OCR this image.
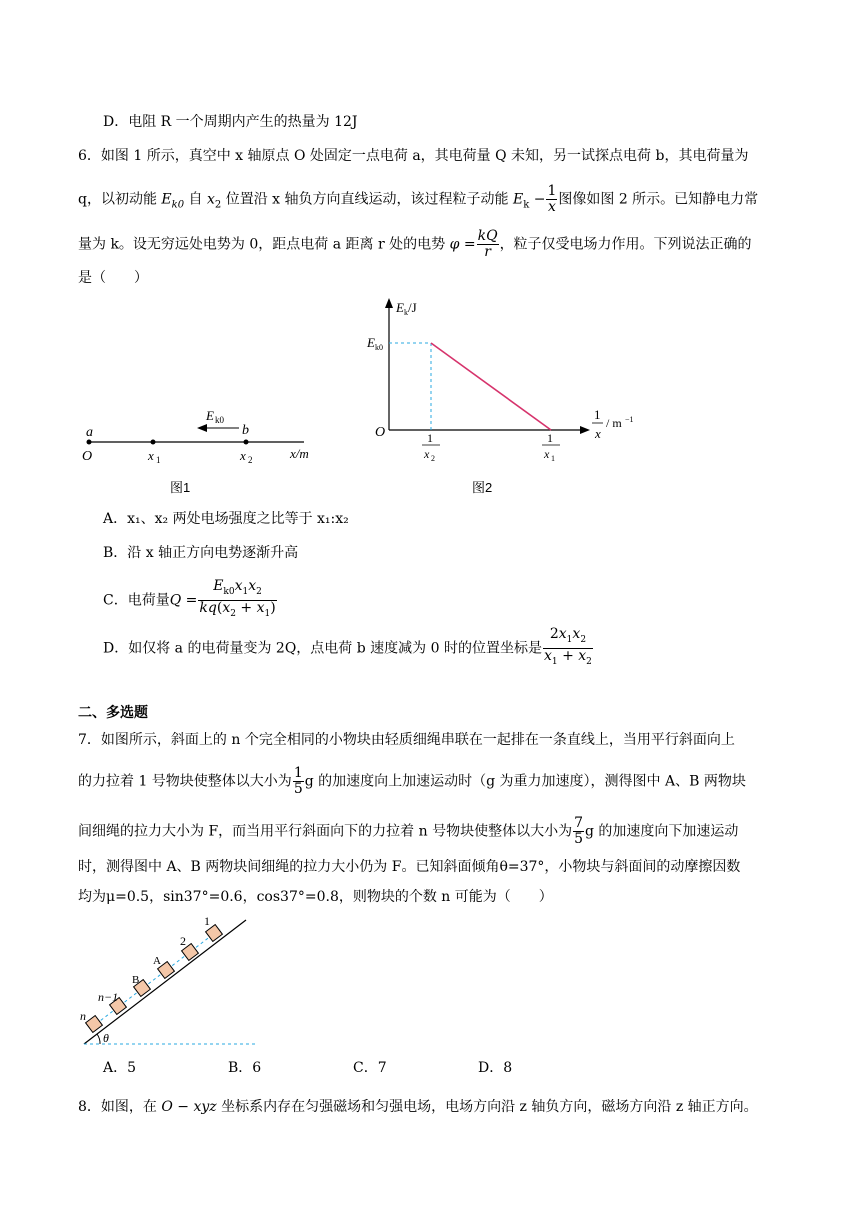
D．电阻 R 一个周期内产生的热量为 12J
6．如图 1 所示，真空中 x 轴原点 O 处固定一点电荷 a，其电荷量 Q 未知，另一试探点电荷 b，其电荷量为
q，以初动能 $E_{k0}$ 自 $x_2$ 位置沿 x 轴负方向直线运动，该过程粒子动能 $E_k - \frac{1}{x}$ 图像如图 2 所示。已知静电力常
量为 k。设无穷远处电势为 0，距点电荷 a 距离 r 处的电势 $\varphi = \frac{kQ}{r}$ ，粒子仅受电场力作用。下列说法正确的
是（　　）
a	b
O	x 1	x 2	x/m
E k0
图1
E k /J
E k0
O
1
x
/ m −1
1
x 2
1
x 1
图2
A．x₁、x₂ 两处电场强度之比等于 x₁:x₂
B．沿 x 轴正方向电势逐渐升高
C．电荷量$Q = \frac{E_{k0}x_1x_2}{kq(x_2 + x_1)}$
D．如仅将 a 的电荷量变为 2Q，点电荷 b 速度减为 0 时的位置坐标是 $\frac{2x_1x_2}{x_1 + x_2}$
二、多选题
7．如图所示，斜面上的 n 个完全相同的小物块由轻质细绳串联在一起排在一条直线上，当用平行斜面向上
的力拉着 1 号物块使整体以大小为 $\frac{1}{5}$ g 的加速度向上加速运动时（g 为重力加速度），测得图中 A、B 两物块
间细绳的拉力大小为 F，而当用平行斜面向下的力拉着 n 号物块使整体以大小为 $\frac{7}{5}$ g 的加速度向下加速运动
时，测得图中 A、B 两物块间细绳的拉力大小仍为 F。已知斜面倾角θ=37°，小物块与斜面间的动摩擦因数
均为μ=0.5，sin37°=0.6，cos37°=0.8，则物块的个数 n 可能为（　　）
1
2
A
B
n−1
n
θ
A．5	B．6	C．7	D．8
8．如图，在 O − xyz 坐标系内存在匀强磁场和匀强电场，电场方向沿 z 轴负方向，磁场方向沿 z 轴正方向。
